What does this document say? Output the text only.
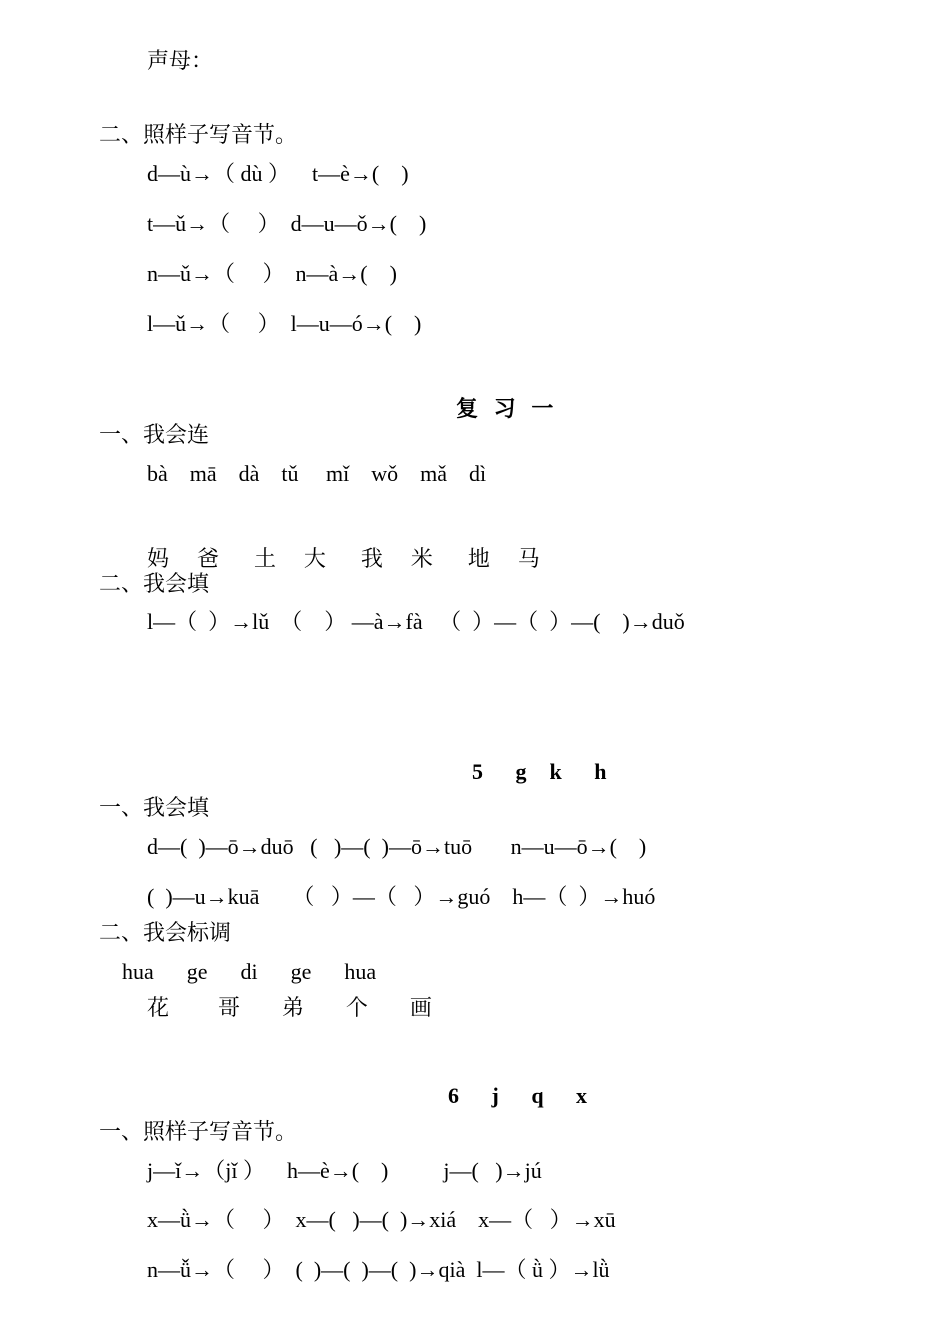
声母：
二、照样子写音节。
d—ù→（ dù ）    t—è→(    )
t—ǔ→（     ）  d—u—ǒ→(    )
n—ǔ→（     ）  n—à→(    )
l—ǔ→（     ）  l—u—ó→(    )
复 习 一
一、我会连
bà    mā    dà    tǔ     mǐ    wǒ    mǎ    dì
妈    爸     土    大     我    米     地    马
二、我会填
l—（  ）→lǔ  （    ） —à→fà   （  ）—（  ）—(    )→duǒ
5   g  k   h
一、我会填
d—(  )—ō→duō   (   )—(  )—ō→tuō       n—u—ō→(    )
(  )—u→kuā      （   ）—（   ）→guó    h—（  ）→huó
二、我会标调
hua      ge      di      ge      hua
花       哥      弟      个      画
6   j   q   x
一、照样子写音节。
j—ǐ→（jǐ ）    h—è→(    )          j—(   )→jú
x—ǜ→（     ）  x—(   )—(  )→xiá    x—（   ）→xū
n—ǚ→（     ）  (  )—(  )—(  )→qià  l—（ ǜ ）→lǜ
